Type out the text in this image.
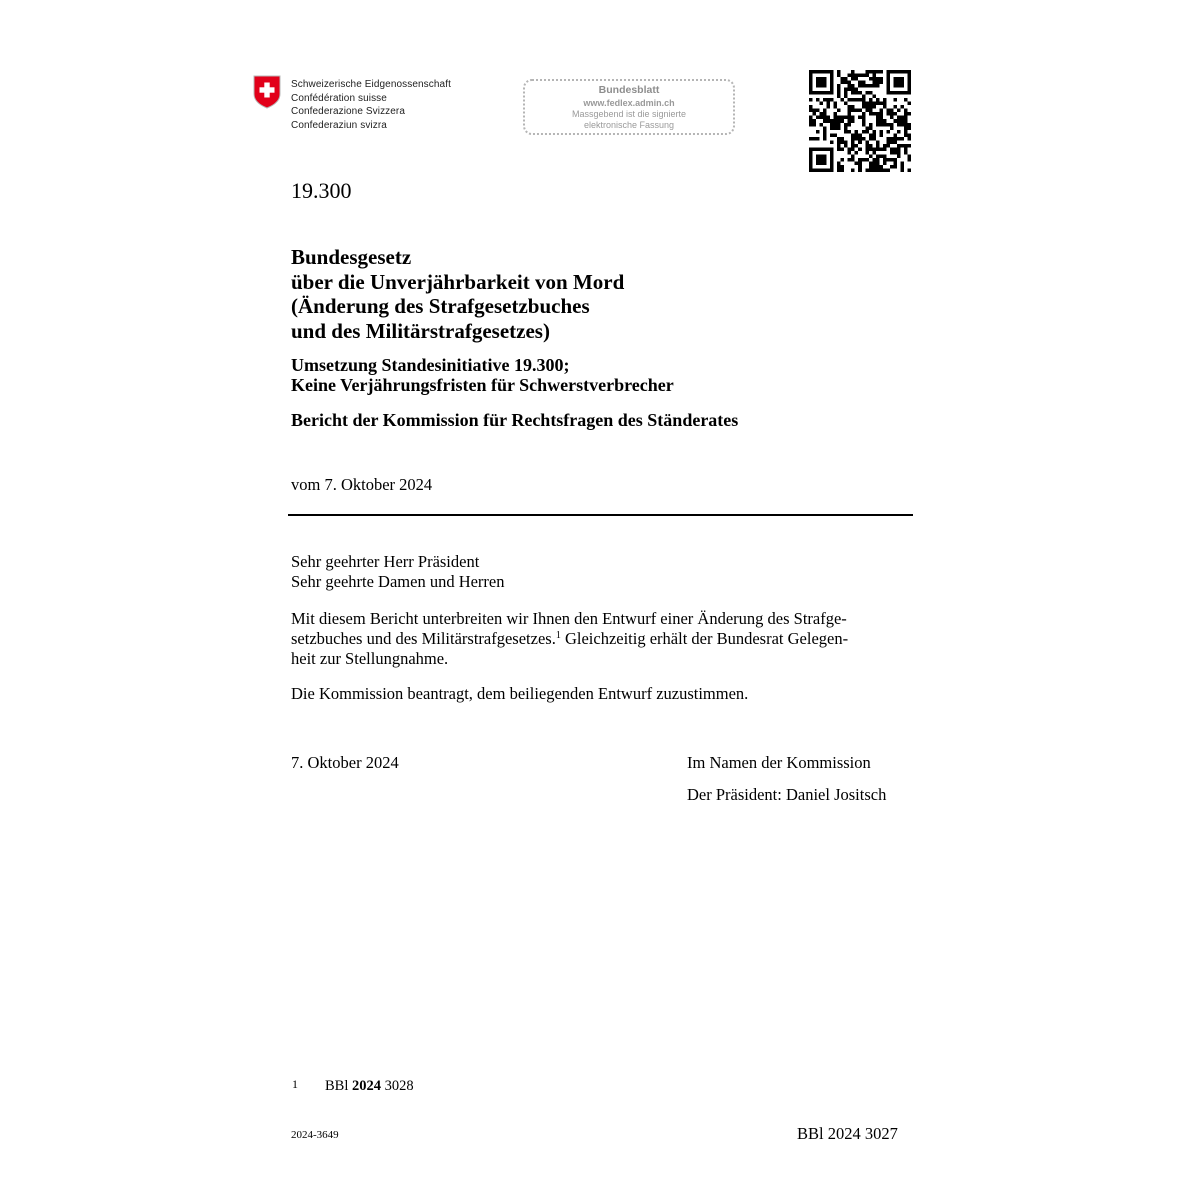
Schweizerische Eidgenossenschaft
Confédération suisse
Confederazione Svizzera
Confederaziun svizra
Bundesblatt
www.fedlex.admin.ch
Massgebend ist die signierte
elektronische Fassung
19.300
Bundesgesetz
über die Unverjährbarkeit von Mord
(Änderung des Strafgesetzbuches
und des Militärstrafgesetzes)
Umsetzung Standesinitiative 19.300;
Keine Verjährungsfristen für Schwerstverbrecher
Bericht der Kommission für Rechtsfragen des Ständerates
vom 7. Oktober 2024
Sehr geehrter Herr Präsident
Sehr geehrte Damen und Herren
Mit diesem Bericht unterbreiten wir Ihnen den Entwurf einer Änderung des Strafge-
setzbuches und des Militärstrafgesetzes.$^1$ Gleichzeitig erhält der Bundesrat Gelegen-
heit zur Stellungnahme.
Die Kommission beantragt, dem beiliegenden Entwurf zuzustimmen.
7. Oktober 2024	Im Namen der Kommission
Der Präsident: Daniel Jositsch
1 BBl 2024 3028
2024-3649	BBl 2024 3027
